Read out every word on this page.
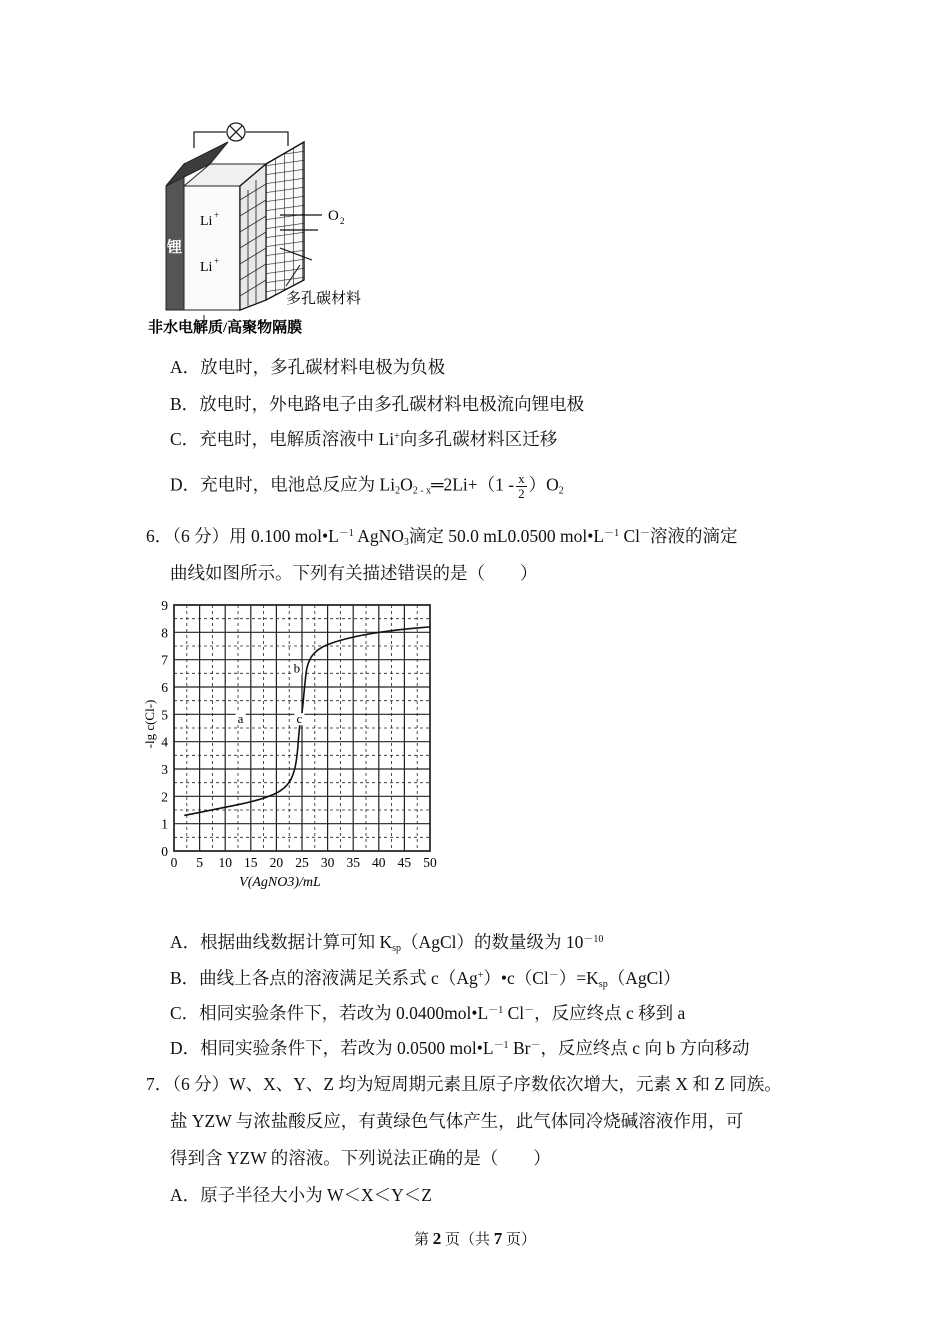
Li +
Li +
锂
O 2
多孔碳材料
非水电解质/高聚物隔膜
A．放电时，多孔碳材料电极为负极
B．放电时，外电路电子由多孔碳材料电极流向锂电极
C．充电时，电解质溶液中 Li+向多孔碳材料区迁移
D．充电时，电池总反应为 $Li_2O_{2 - x}═2Li+(1 - \frac{x}{2} )O_2$
6．（6 分）用 0.100 $mol•L^{-1}$ AgNO$_3$滴定 50.0 mL0.0500 $mol•L^{-1}$ Cl－溶液的滴定
曲线如图所示。下列有关描述错误的是（　　）
0 5 10 15 20 25 30 35 40 45 50
0
1
2
3
4
5
6
7
8
9
a
b
c
V(AgNO3)/mL
-lg c(Cl-)
A．根据曲线数据计算可知 $K_{sp}(AgCl)$的数量级为 $10^{-10}$
B．曲线上各点的溶液满足关系式 $c(Ag^+)•c(Cl^-)=K_{sp}(AgCl)$
C．相同实验条件下，若改为 $0.0400mol•L^{-1}$ Cl－，反应终点 c 移到 a
D．相同实验条件下，若改为 0.0500 $mol•L^{-1}$ Br－，反应终点 c 向 b 方向移动
7．（6 分）W、X、Y、Z 均为短周期元素且原子序数依次增大，元素 X 和 Z 同族。
盐 YZW 与浓盐酸反应，有黄绿色气体产生，此气体同冷烧碱溶液作用，可
得到含 YZW 的溶液。下列说法正确的是（　　）
A．原子半径大小为 W＜X＜Y＜Z
第 2 页（共 7 页）
